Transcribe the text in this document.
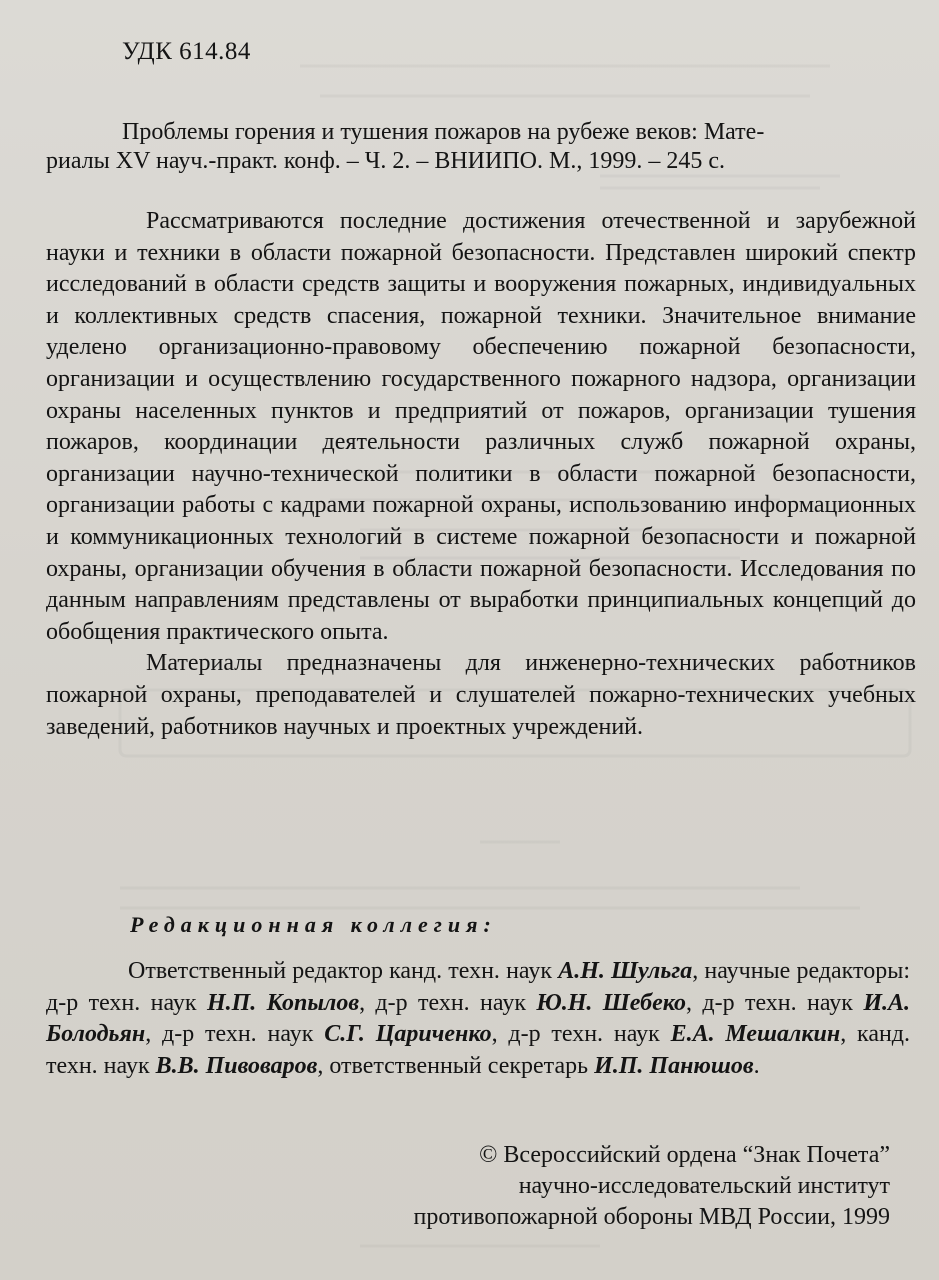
УДК 614.84
Проблемы горения и тушения пожаров на рубеже веков: Мате-
риалы XV науч.-практ. конф. – Ч. 2. – ВНИИПО. М., 1999. – 245 с.

Рассматриваются последние достижения отечественной и зарубежной науки и техники в области пожарной безопасности. Представлен широкий спектр исследований в области средств защиты и вооружения пожарных, индивидуальных и коллективных средств спасения, пожарной техники. Значительное внимание уделено организационно-правовому обеспечению пожарной безопасности, организации и осуществлению государственного пожарного надзора, организации охраны населенных пунктов и предприятий от пожаров, организации тушения пожаров, координации деятельности различных служб пожарной охраны, организации научно-технической политики в области пожарной безопасности, организации работы с кадрами пожарной охраны, использованию информационных и коммуникационных технологий в системе пожарной безопасности и пожарной охраны, организации обучения в области пожарной безопасности. Исследования по данным направлениям представлены от выработки принципиальных концепций до обобщения практического опыта.

Материалы предназначены для инженерно-технических работников пожарной охраны, преподавателей и слушателей пожарно-технических учебных заведений, работников научных и проектных учреждений.

Редакционная коллегия:
Ответственный редактор канд. техн. наук А.Н. Шульга, научные редакторы: д-р техн. наук Н.П. Копылов, д-р техн. наук Ю.Н. Шебеко, д-р техн. наук И.А. Болодьян, д-р техн. наук С.Г. Цариченко, д-р техн. наук Е.А. Мешалкин, канд. техн. наук В.В. Пивоваров, ответственный секретарь И.П. Панюшов.
© Всероссийский ордена “Знак Почета”
научно-исследовательский институт
противопожарной обороны МВД России, 1999
